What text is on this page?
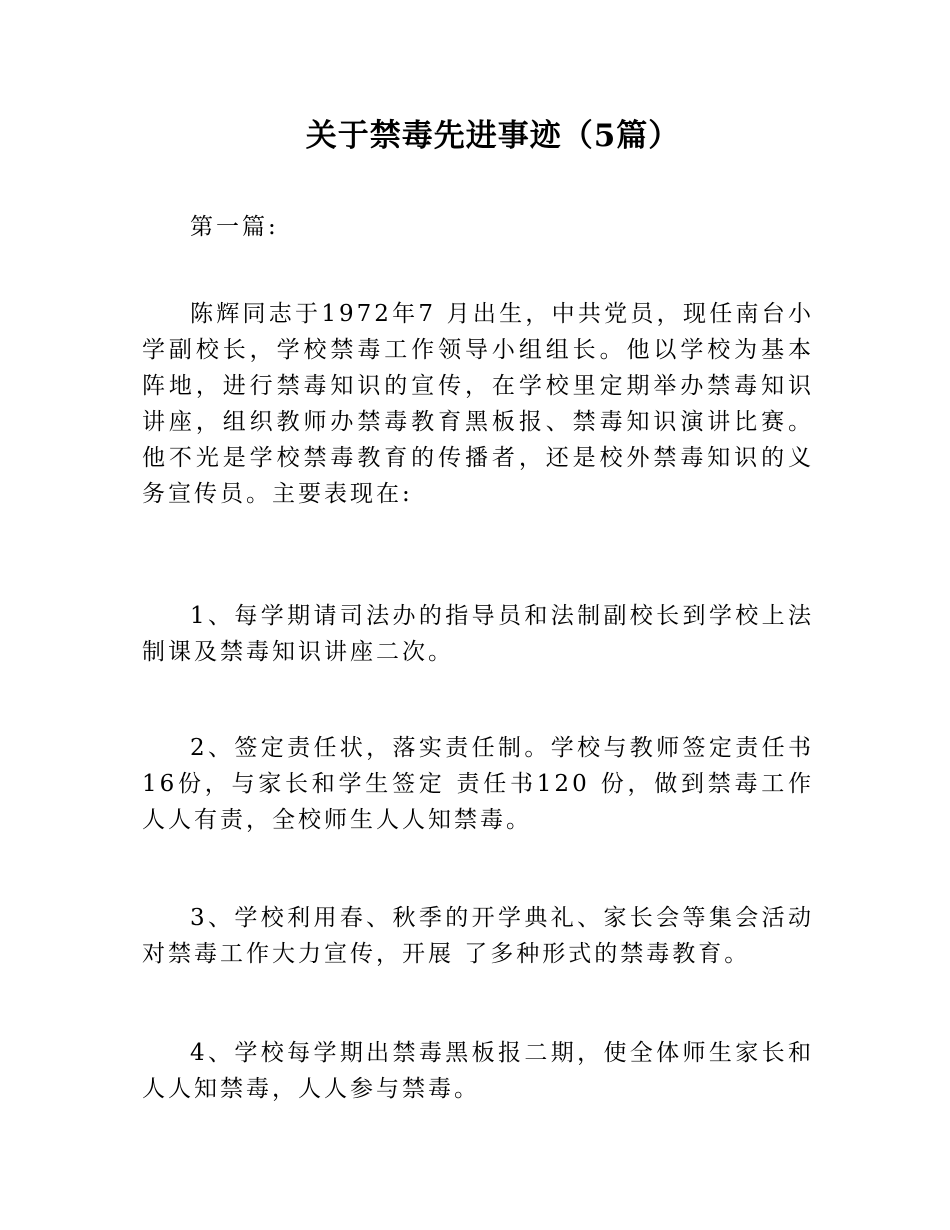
关于禁毒先进事迹（5篇）

第一篇:

陈辉同志于1972年7 月出生，中共党员，现任南台小学副校长，学校禁毒工作领导小组组长。他以学校为基本阵地，进行禁毒知识的宣传，在学校里定期举办禁毒知识讲座，组织教师办禁毒教育黑板报、禁毒知识演讲比赛。他不光是学校禁毒教育的传播者，还是校外禁毒知识的义务宣传员。主要表现在:

1、每学期请司法办的指导员和法制副校长到学校上法制课及禁毒知识讲座二次。

2、签定责任状，落实责任制。学校与教师签定责任书16份，与家长和学生签定 责任书120 份，做到禁毒工作人人有责，全校师生人人知禁毒。

3、学校利用春、秋季的开学典礼、家长会等集会活动对禁毒工作大力宣传，开展 了多种形式的禁毒教育。

4、学校每学期出禁毒黑板报二期，使全体师生家长和人人知禁毒，人人参与禁毒。
